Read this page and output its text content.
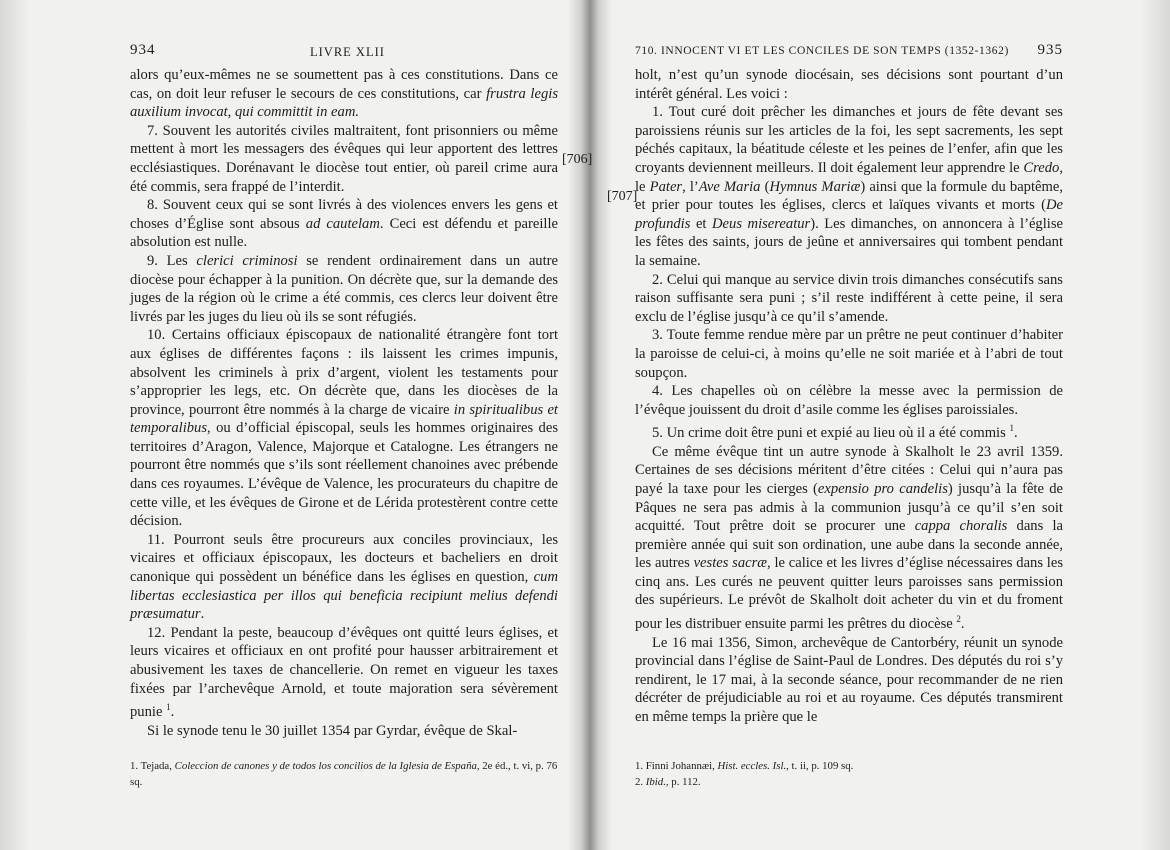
934	LIVRE XLII

alors qu’eux-mêmes ne se soumettent pas à ces constitutions. Dans ce cas, on doit leur refuser le secours de ces constitutions, car frustra legis auxilium invocat, qui committit in eam.

7. Souvent les autorités civiles maltraitent, font prisonniers ou même mettent à mort les messagers des évêques qui leur apportent des lettres ecclésiastiques. Dorénavant le diocèse tout entier, où pareil crime aura été commis, sera frappé de l’interdit.

8. Souvent ceux qui se sont livrés à des violences envers les gens et choses d’Église sont absous ad cautelam. Ceci est défendu et pareille absolution est nulle.

9. Les clerici criminosi se rendent ordinairement dans un autre diocèse pour échapper à la punition. On décrète que, sur la demande des juges de la région où le crime a été commis, ces clercs leur doivent être livrés par les juges du lieu où ils se sont réfugiés.

10. Certains officiaux épiscopaux de nationalité étrangère font tort aux églises de différentes façons : ils laissent les crimes impunis, absolvent les criminels à prix d’argent, violent les testaments pour s’approprier les legs, etc. On décrète que, dans les diocèses de la province, pourront être nommés à la charge de vicaire in spiritualibus et temporalibus, ou d’official épiscopal, seuls les hommes originaires des territoires d’Aragon, Valence, Majorque et Catalogne. Les étrangers ne pourront être nommés que s’ils sont réellement chanoines avec prébende dans ces royaumes. L’évêque de Valence, les procurateurs du chapitre de cette ville, et les évêques de Girone et de Lérida protestèrent contre cette décision.

11. Pourront seuls être procureurs aux conciles provinciaux, les vicaires et officiaux épiscopaux, les docteurs et bacheliers en droit canonique qui possèdent un bénéfice dans les églises en question, cum libertas ecclesiastica per illos qui beneficia recipiunt melius defendi præsumatur.

12. Pendant la peste, beaucoup d’évêques ont quitté leurs églises, et leurs vicaires et officiaux en ont profité pour hausser arbitrairement et abusivement les taxes de chancellerie. On remet en vigueur les taxes fixées par l’archevêque Arnold, et toute majoration sera sévèrement punie $^1$.

Si le synode tenu le 30 juillet 1354 par Gyrdar, évêque de Skal-

[706]
[707]

1. Tejada, Coleccion de canones y de todos los concilios de la Iglesia de España, 2e éd., t. vi, p. 76 sq.

710. INNOCENT VI ET LES CONCILES DE SON TEMPS (1352-1362) 935

holt, n’est qu’un synode diocésain, ses décisions sont pourtant d’un intérêt général. Les voici :

1. Tout curé doit prêcher les dimanches et jours de fête devant ses paroissiens réunis sur les articles de la foi, les sept sacrements, les sept péchés capitaux, la béatitude céleste et les peines de l’enfer, afin que les croyants deviennent meilleurs. Il doit également leur apprendre le Credo, le Pater, l’Ave Maria (Hymnus Mariæ) ainsi que la formule du baptême, et prier pour toutes les églises, clercs et laïques vivants et morts (De profundis et Deus misereatur). Les dimanches, on annoncera à l’église les fêtes des saints, jours de jeûne et anniversaires qui tombent pendant la semaine.

2. Celui qui manque au service divin trois dimanches consécutifs sans raison suffisante sera puni ; s’il reste indifférent à cette peine, il sera exclu de l’église jusqu’à ce qu’il s’amende.

3. Toute femme rendue mère par un prêtre ne peut continuer d’habiter la paroisse de celui-ci, à moins qu’elle ne soit mariée et à l’abri de tout soupçon.

4. Les chapelles où on célèbre la messe avec la permission de l’évêque jouissent du droit d’asile comme les églises paroissiales.

5. Un crime doit être puni et expié au lieu où il a été commis $^1$.

Ce même évêque tint un autre synode à Skalholt le 23 avril 1359. Certaines de ses décisions méritent d’être citées : Celui qui n’aura pas payé la taxe pour les cierges (expensio pro candelis) jusqu’à la fête de Pâques ne sera pas admis à la communion jusqu’à ce qu’il s’en soit acquitté. Tout prêtre doit se procurer une cappa choralis dans la première année qui suit son ordination, une aube dans la seconde année, les autres vestes sacræ, le calice et les livres d’église nécessaires dans les cinq ans. Les curés ne peuvent quitter leurs paroisses sans permission des supérieurs. Le prévôt de Skalholt doit acheter du vin et du froment pour les distribuer ensuite parmi les prêtres du diocèse $^2$.

Le 16 mai 1356, Simon, archevêque de Cantorbéry, réunit un synode provincial dans l’église de Saint-Paul de Londres. Des députés du roi s’y rendirent, le 17 mai, à la seconde séance, pour recommander de ne rien décréter de préjudiciable au roi et au royaume. Ces députés transmirent en même temps la prière que le

1. Finni Johannæi, Hist. eccles. Isl., t. ii, p. 109 sq.

2. Ibid., p. 112.
